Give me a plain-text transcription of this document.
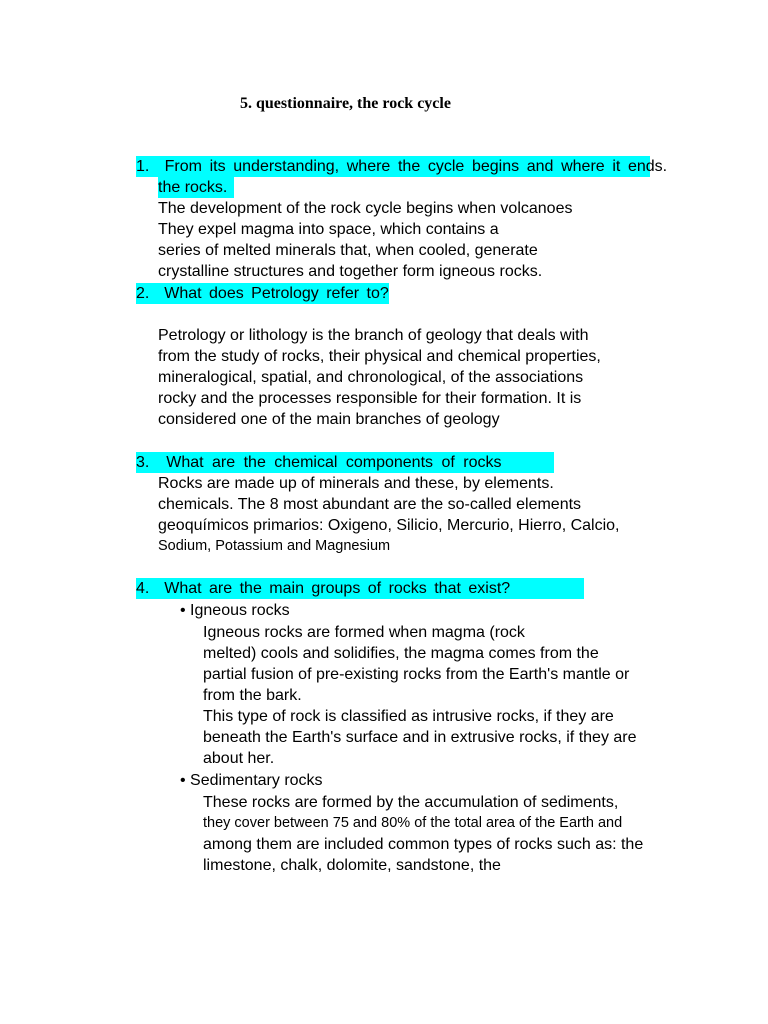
5. questionnaire, the rock cycle
1.  From its understanding, where the cycle begins and where it ends.
the rocks.
The development of the rock cycle begins when volcanoes
They expel magma into space, which contains a
series of melted minerals that, when cooled, generate
crystalline structures and together form igneous rocks.
2.  What does Petrology refer to?
Petrology or lithology is the branch of geology that deals with
from the study of rocks, their physical and chemical properties,
mineralogical, spatial, and chronological, of the associations
rocky and the processes responsible for their formation. It is
considered one of the main branches of geology
3.  What are the chemical components of rocks
Rocks are made up of minerals and these, by elements.
chemicals. The 8 most abundant are the so-called elements
geoquímicos primarios: Oxigeno, Silicio, Mercurio, Hierro, Calcio,
Sodium, Potassium and Magnesium
4.  What are the main groups of rocks that exist?
• Igneous rocks
Igneous rocks are formed when magma (rock
melted) cools and solidifies, the magma comes from the
partial fusion of pre-existing rocks from the Earth's mantle or
from the bark.
This type of rock is classified as intrusive rocks, if they are
beneath the Earth's surface and in extrusive rocks, if they are
about her.
• Sedimentary rocks
These rocks are formed by the accumulation of sediments,
they cover between 75 and 80% of the total area of the Earth and
among them are included common types of rocks such as: the
limestone, chalk, dolomite, sandstone, the
